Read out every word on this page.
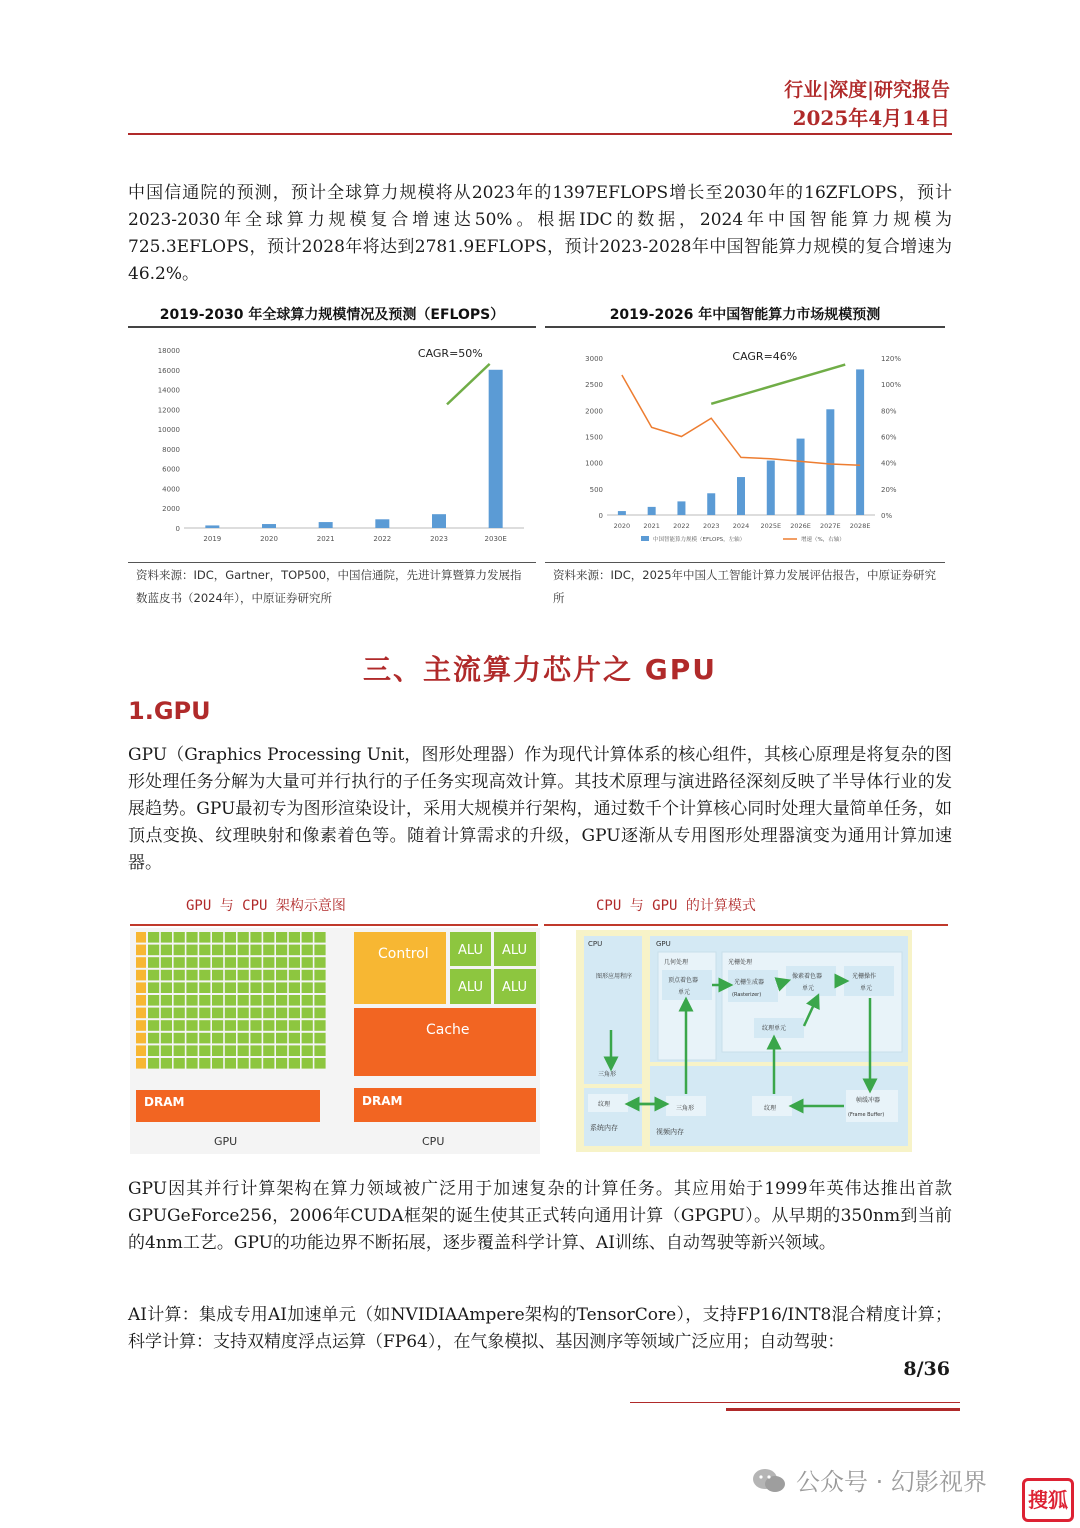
行业|深度|研究报告
2025年4月14日

中国信通院的预测，预计全球算力规模将从2023年的1397EFLOPS增长至2030年的16ZFLOPS，预计2023-2030年全球算力规模复合增速达50%。根据IDC的数据，2024年中国智能算力规模为725.3EFLOPS，预计2028年将达到2781.9EFLOPS，预计2023-2028年中国智能算力规模的复合增速为46.2%。

2019-2030 年全球算力规模情况及预测（EFLOPS）
0
2000
4000
6000
8000
10000
12000
14000
16000
18000
2019	2020	2021	2022	2023	2030E
CAGR=50%
资料来源：IDC，Gartner，TOP500，中国信通院，先进计算暨算力发展指数蓝皮书（2024年），中原证券研究所
2019-2026 年中国智能算力市场规模预测
0
500
1000
1500
2000
2500
3000
0%
20%
40%
60%
80%
100%
120%
2020 2021 2022 2023 2024 2025E 2026E 2027E 2028E
CAGR=46%
中国智能算力规模（EFLOPS，左轴）	增速（%，右轴）
资料来源：IDC，2025年中国人工智能计算力发展评估报告，中原证券研究所
三、主流算力芯片之 GPU
1.GPU

GPU（Graphics Processing Unit，图形处理器）作为现代计算体系的核心组件，其核心原理是将复杂的图形处理任务分解为大量可并行执行的子任务实现高效计算。其技术原理与演进路径深刻反映了半导体行业的发展趋势。GPU最初专为图形渲染设计，采用大规模并行架构，通过数千个计算核心同时处理大量简单任务，如顶点变换、纹理映射和像素着色等。随着计算需求的升级，GPU逐渐从专用图形处理器演变为通用计算加速器。

GPU 与 CPU 架构示意图	CPU 与 GPU 的计算模式
DRAM
GPU
Control ALU ALU
ALU ALU
Cache
DRAM
CPU
CPU
图形应用程序
三角形
GPU
几何处理
顶点着色器
单元
光栅处理
光栅生成器
(Rasterizer)
像素着色器
单元
光栅操作
单元
纹理单元
纹理
系统内存
三角形	纹理
帧缓冲器
(Frame Buffer)
视频内存

GPU因其并行计算架构在算力领域被广泛用于加速复杂的计算任务。其应用始于1999年英伟达推出首款GPUGeForce256，2006年CUDA框架的诞生使其正式转向通用计算（GPGPU）。从早期的350nm到当前的4nm工艺。GPU的功能边界不断拓展，逐步覆盖科学计算、AI训练、自动驾驶等新兴领域。

AI计算：集成专用AI加速单元（如NVIDIAAmpere架构的TensorCore），支持FP16/INT8混合精度计算；科学计算：支持双精度浮点运算（FP64），在气象模拟、基因测序等领域广泛应用；自动驾驶：

8/36
公众号 · 幻影视界
搜狐
